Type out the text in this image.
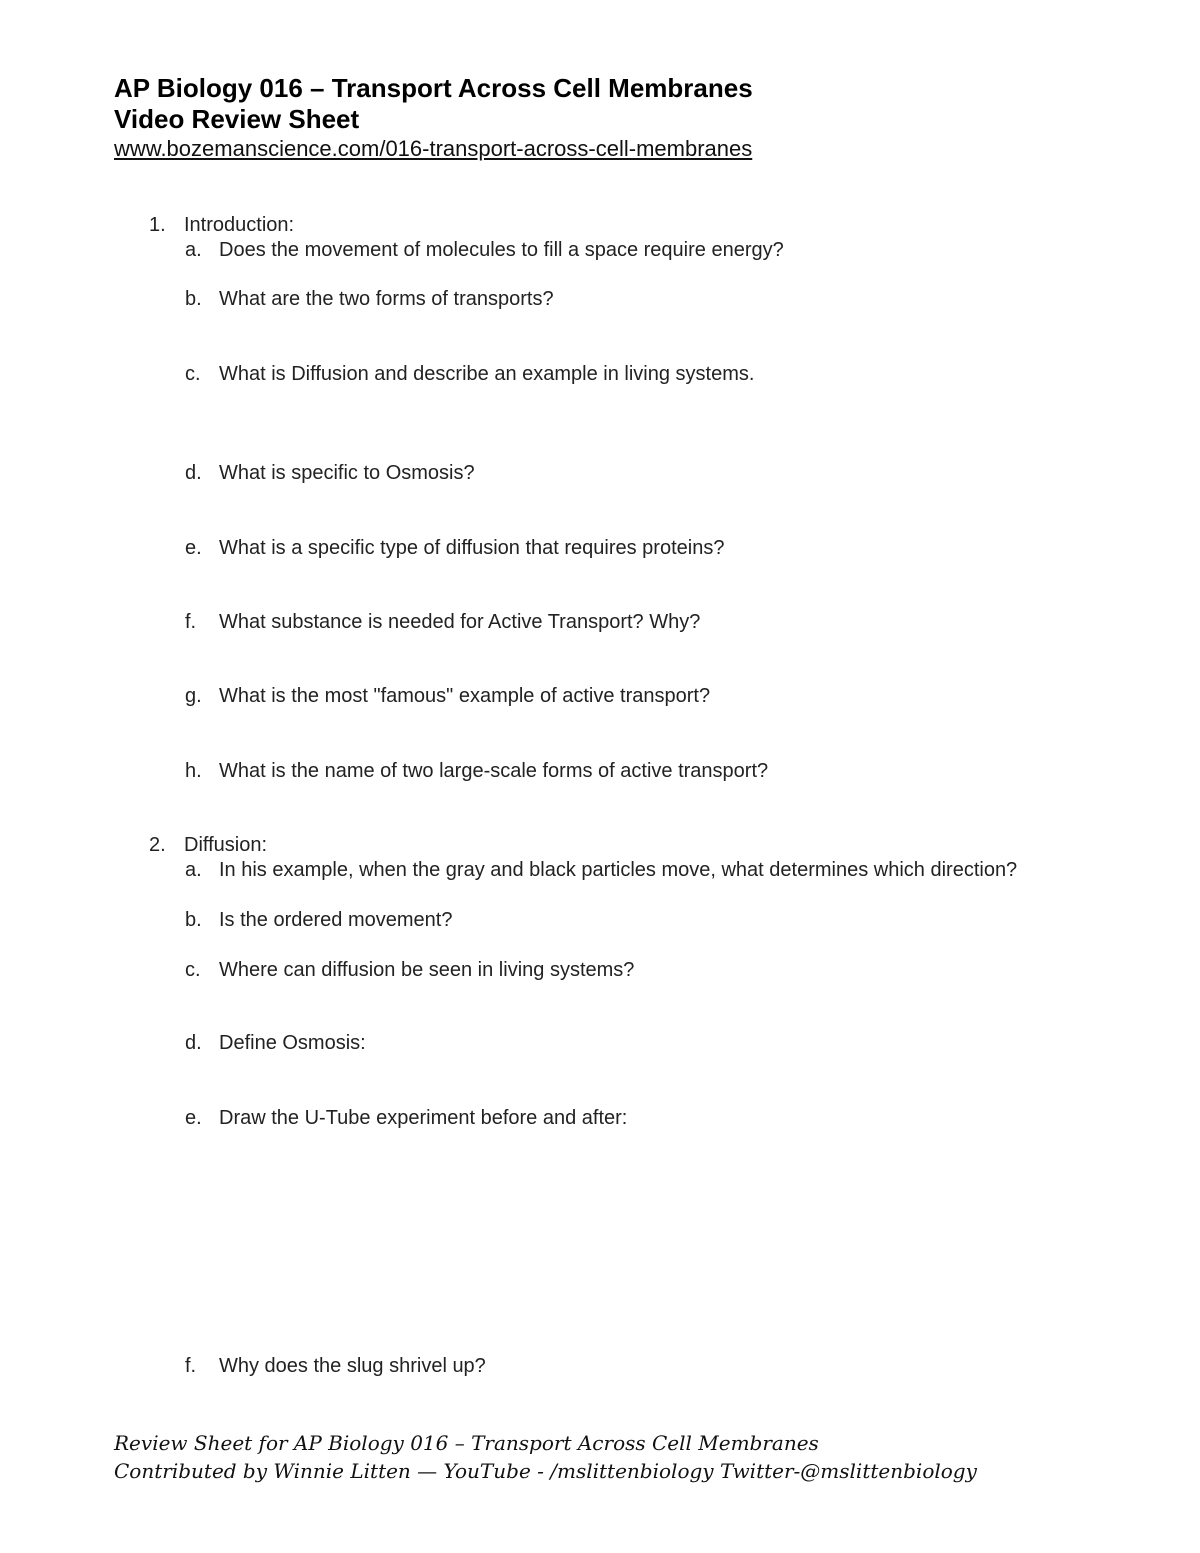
AP Biology 016 – Transport Across Cell Membranes
Video Review Sheet
www.bozemanscience.com/016-transport-across-cell-membranes
1. Introduction:
a. Does the movement of molecules to fill a space require energy?
b. What are the two forms of transports?
c. What is Diffusion and describe an example in living systems.
d. What is specific to Osmosis?
e. What is a specific type of diffusion that requires proteins?
f. What substance is needed for Active Transport? Why?
g. What is the most "famous" example of active transport?
h. What is the name of two large-scale forms of active transport?
2. Diffusion:
a. In his example, when the gray and black particles move, what determines which direction?
b. Is the ordered movement?
c. Where can diffusion be seen in living systems?
d. Define Osmosis:
e. Draw the U-Tube experiment before and after:
f. Why does the slug shrivel up?
Review Sheet for AP Biology 016 – Transport Across Cell Membranes
Contributed by Winnie Litten — YouTube - /mslittenbiology Twitter-@mslittenbiology
